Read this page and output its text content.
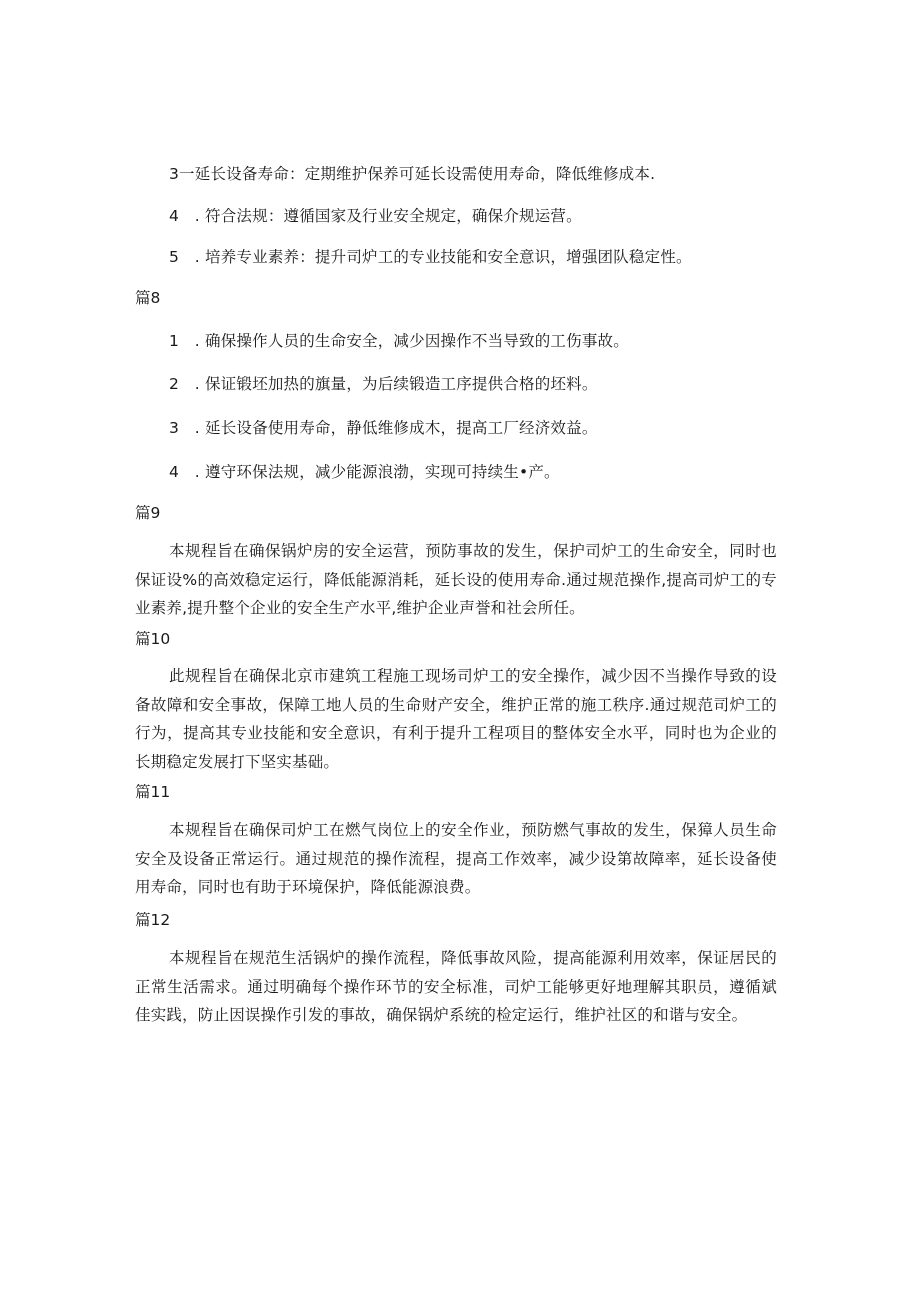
3一延长设备寿命：定期维护保养可延长设需使用寿命，降低维修成本.
4　. 符合法规：遵循国家及行业安全规定，确保介规运营。
5　. 培养专业素养：提升司炉工的专业技能和安全意识，增强团队稳定性。
篇8
1　. 确保操作人员的生命安全，减少因操作不当导致的工伤事故。
2　. 保证锻坯加热的旗量，为后续锻造工序提供合格的坯料。
3　. 延长设备使用寿命，静低维修成木，提高工厂经济效益。
4　. 遵守环保法规，减少能源浪渤，实现可持续生•产。
篇9
本规程旨在确保锅炉房的安全运营，预防事故的发生，保护司炉工的生命安全，同时也保证设%的高效稳定运行，降低能源消耗，延长设的使用寿命.通过规范操作,提高司炉工的专业素养,提升整个企业的安全生产水平,维护企业声誉和社会所任。
篇10
此规程旨在确保北京市建筑工程施工现场司炉工的安全操作，减少因不当操作导致的设备故障和安全事故，保障工地人员的生命财产安全，维护正常的施工秩序.通过规范司炉工的行为，提高其专业技能和安全意识，有利于提升工程项目的整体安全水平，同时也为企业的长期稳定发展打下坚实基础。
篇11
本规程旨在确保司炉工在燃气岗位上的安全作业，预防燃气事故的发生，保獐人员生命安全及设备正常运行。通过规范的操作流程，提高工作效率，减少设第故障率，延长设备使用寿命，同时也有助于环境保护，降低能源浪费。
篇12
本规程旨在规范生活锅炉的操作流程，降低事故风险，提高能源利用效率，保证居民的正常生活需求。通过明确每个操作环节的安全标准，司炉工能够更好地理解其职员，遵循斌佳实践，防止因误操作引发的事故，确保锅炉系统的检定运行，维护社区的和谐与安全。
